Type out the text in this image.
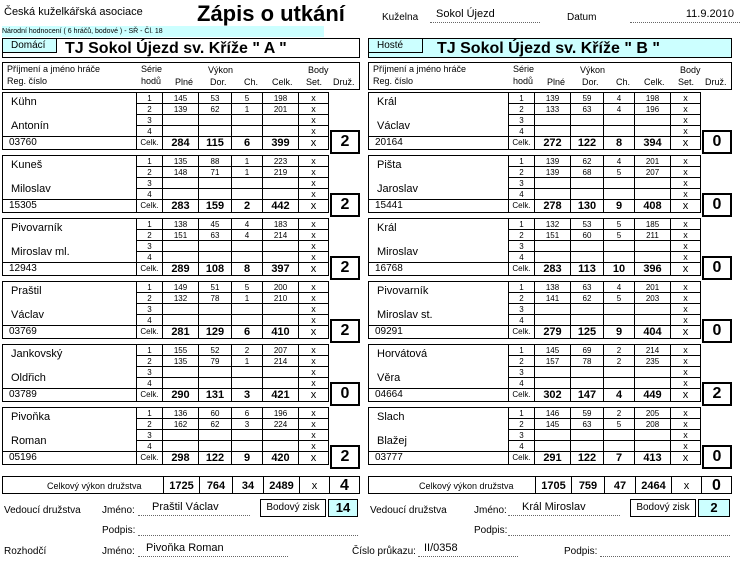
Česká kuželkářská asociace Zápis o utkání
Národní hodnocení ( 6 hráčů, bodové ) - SŘ - Čl. 18
Kuželna	Sokol Újezd	Datum	11.9.2010
Domácí	TJ Sokol Újezd sv. Kříže " A "	Hosté	TJ Sokol Újezd sv. Kříže " B "
Příjmení a jméno hráče
Reg. číslo
Série
hodů
Výkon
Plné Dor. Ch. Celk.
Body
Set. Druž.
Příjmení a jméno hráče
Reg. číslo
Série
hodů
Výkon
Plné Dor. Ch. Celk.
Body
Set. Druž.
Kühn
Antonín	1	145	53	5	198	x
	2	139	62	1	201	x
	3					x
	4					x
03760	Celk.	284	115	6	399	x	2
Kuneš
Miloslav	1	135	88	1	223	x
	2	148	71	1	219	x
	3					x
	4					x
15305	Celk.	283	159	2	442	x	2
Pivovarník
Miroslav ml.	1	138	45	4	183	x
	2	151	63	4	214	x
	3					x
	4					x
12943	Celk.	289	108	8	397	x	2
Praštil
Václav	1	149	51	5	200	x
	2	132	78	1	210	x
	3					x
	4					x
03769	Celk.	281	129	6	410	x	2
Jankovský
Oldřich	1	155	52	2	207	x
	2	135	79	1	214	x
	3					x
	4					x
03789	Celk.	290	131	3	421	x	0
Pivoňka
Roman	1	136	60	6	196	x
	2	162	62	3	224	x
	3					x
	4					x
05196	Celk.	298	122	9	420	x	2
Král
Václav	1	139	59	4	198	x
	2	133	63	4	196	x
	3					x
	4					x
20164	Celk.	272	122	8	394	x	0
Pišta
Jaroslav	1	139	62	4	201	x
	2	139	68	5	207	x
	3					x
	4					x
15441	Celk.	278	130	9	408	x	0
Král
Miroslav	1	132	53	5	185	x
	2	151	60	5	211	x
	3					x
	4					x
16768	Celk.	283	113	10	396	x	0
Pivovarník
Miroslav st.	1	138	63	4	201	x
	2	141	62	5	203	x
	3					x
	4					x
09291	Celk.	279	125	9	404	x	0
Horvátová
Věra	1	145	69	2	214	x
	2	157	78	2	235	x
	3					x
	4					x
04664	Celk.	302	147	4	449	x	2
Slach
Blažej	1	146	59	2	205	x
	2	145	63	5	208	x
	3					x
	4					x
03777	Celk.	291	122	7	413	x	0
Celkový výkon družstva	1725	764	34	2489	x	4	Celkový výkon družstva	1705	759	47	2464	x	0
Vedoucí družstva Jméno:	Praštil Václav	Bodový zisk	14
Podpis:
Vedoucí družstva	Jméno:	Král Miroslav	Bodový zisk	2
Podpis:
Rozhodčí	Jméno:	Pivoňka Roman	Číslo průkazu: II/0358	Podpis:
